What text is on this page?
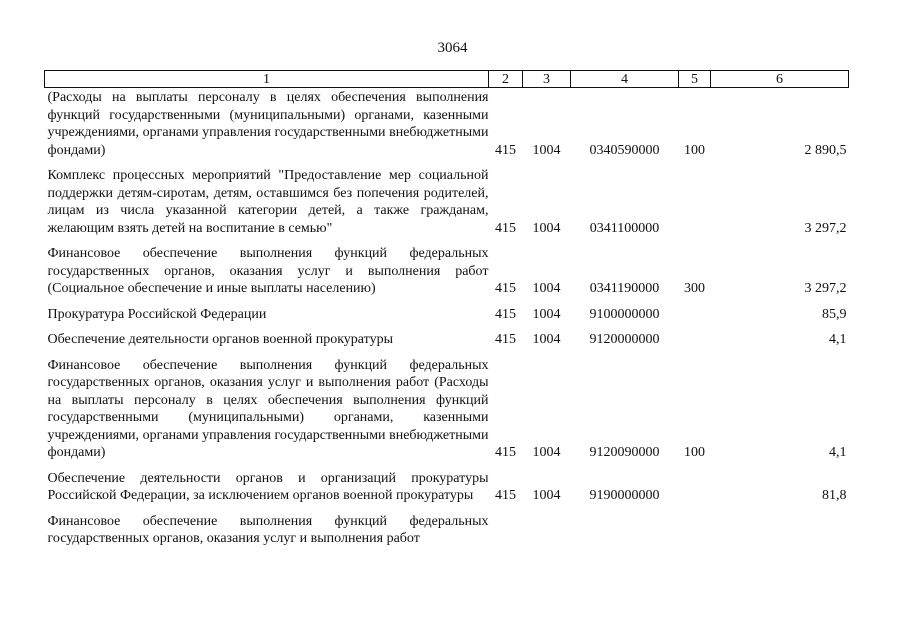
3064
1	2	3	4	5	6
(Расходы на выплаты персоналу в целях обеспечения выполнения функций государственными (муниципальными) органами, казенными учреждениями, органами управления государственными внебюджетными фондами)	415	1004	0340590000	100	2 890,5
Комплекс процессных мероприятий "Предоставление мер социальной поддержки детям-сиротам, детям, оставшимся без попечения родителей, лицам из числа указанной категории детей, а также гражданам, желающим взять детей на воспитание в семью"	415	1004	0341100000		3 297,2
Финансовое обеспечение выполнения функций федеральных государственных органов, оказания услуг и выполнения работ (Социальное обеспечение и иные выплаты населению)	415	1004	0341190000	300	3 297,2
Прокуратура Российской Федерации	415	1004	9100000000		85,9
Обеспечение деятельности органов военной прокуратуры	415	1004	9120000000		4,1
Финансовое обеспечение выполнения функций федеральных государственных органов, оказания услуг и выполнения работ (Расходы на выплаты персоналу в целях обеспечения выполнения функций государственными (муниципальными) органами, казенными учреждениями, органами управления государственными внебюджетными фондами)	415	1004	9120090000	100	4,1
Обеспечение деятельности органов и организаций прокуратуры Российской Федерации, за исключением органов военной прокуратуры	415	1004	9190000000		81,8
Финансовое обеспечение выполнения функций федеральных государственных органов, оказания услуг и выполнения работ					
